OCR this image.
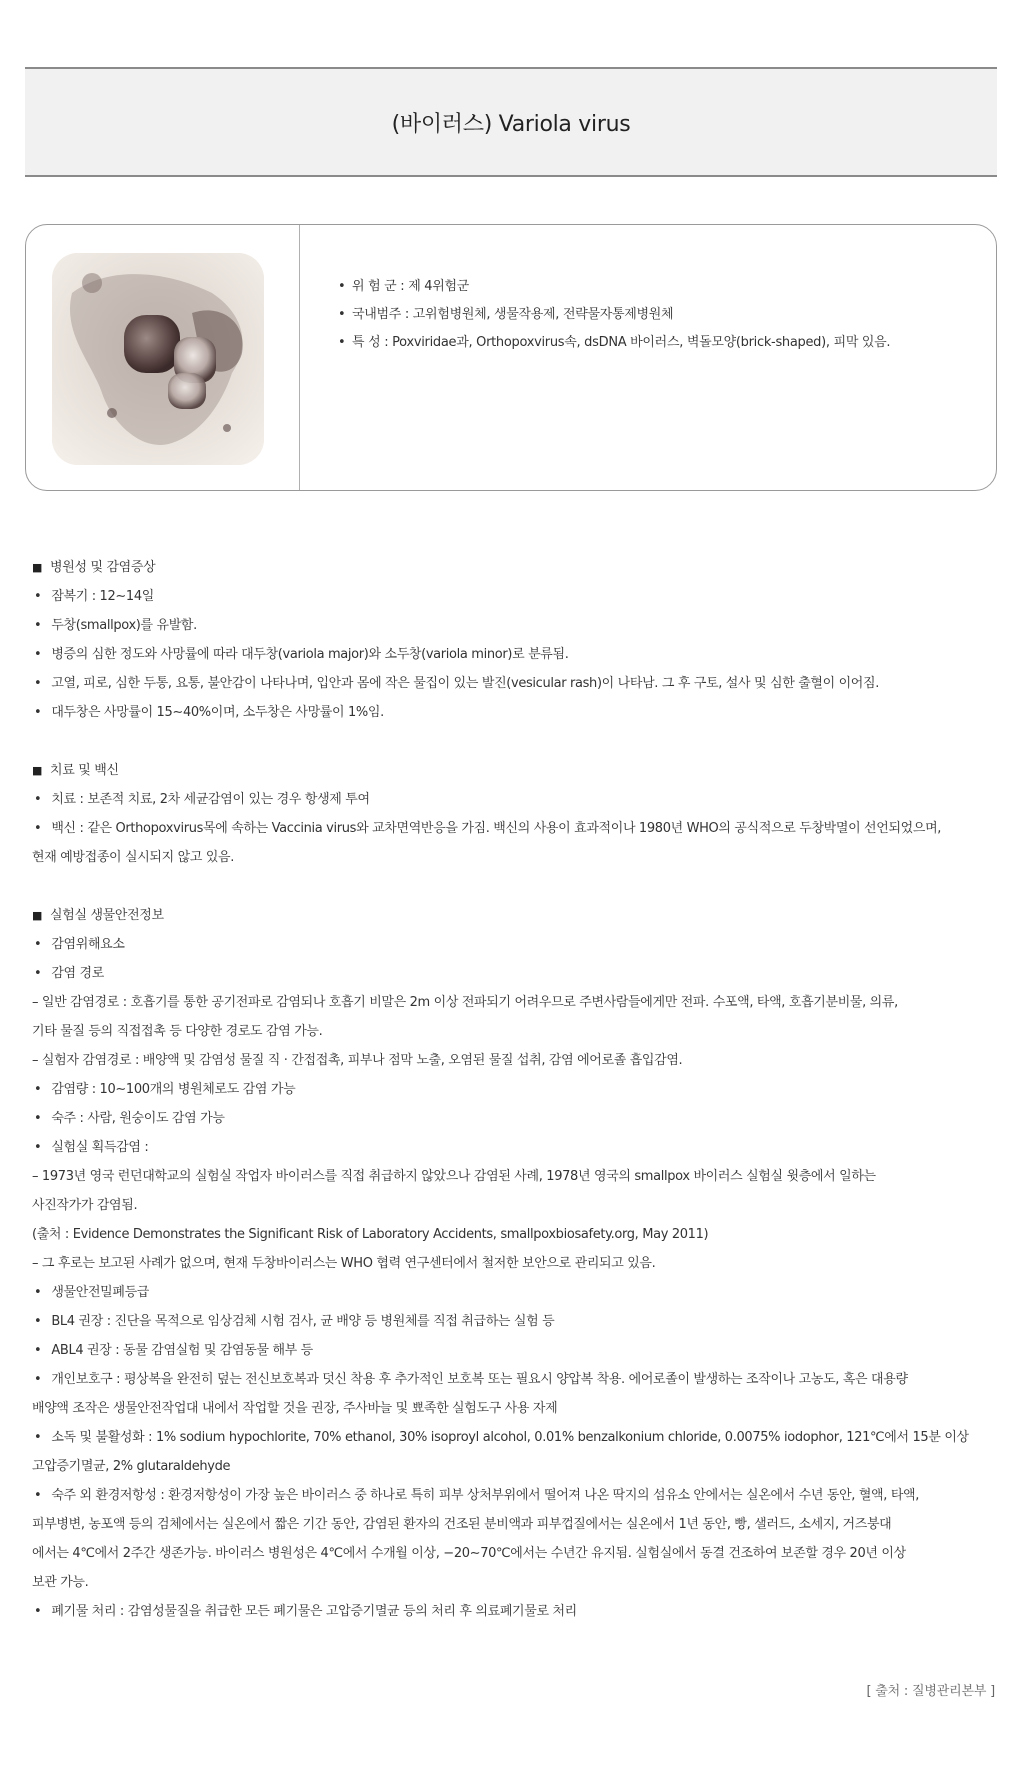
(바이러스) Variola virus
• 위 험 군 : 제 4위험군
• 국내범주 : 고위험병원체, 생물작용제, 전략물자통제병원체
• 특 성 : Poxviridae과, Orthopoxvirus속, dsDNA 바이러스, 벽돌모양(brick-shaped), 피막 있음.

■ 병원성 및 감염증상

• 잠복기 : 12∼14일

• 두창(smallpox)를 유발함.

• 병증의 심한 정도와 사망률에 따라 대두창(variola major)와 소두창(variola minor)로 분류됨.

• 고열, 피로, 심한 두통, 요통, 불안감이 나타나며, 입안과 몸에 작은 물집이 있는 발진(vesicular rash)이 나타남. 그 후 구토, 설사 및 심한 출혈이 이어짐.

• 대두창은 사망률이 15∼40%이며, 소두창은 사망률이 1%임.

■ 치료 및 백신

• 치료 : 보존적 치료, 2차 세균감염이 있는 경우 항생제 투여

• 백신 : 같은 Orthopoxvirus목에 속하는 Vaccinia virus와 교차면역반응을 가짐. 백신의 사용이 효과적이나 1980년 WHO의 공식적으로 두창박멸이 선언되었으며,

현재 예방접종이 실시되지 않고 있음.

■ 실험실 생물안전정보

• 감염위해요소

• 감염 경로

– 일반 감염경로 : 호흡기를 통한 공기전파로 감염되나 호흡기 비말은 2m 이상 전파되기 어려우므로 주변사람들에게만 전파. 수포액, 타액, 호흡기분비물, 의류,

기타 물질 등의 직접접촉 등 다양한 경로도 감염 가능.

– 실험자 감염경로 : 배양액 및 감염성 물질 직 · 간접접촉, 피부나 점막 노출, 오염된 물질 섭취, 감염 에어로졸 흡입감염.

• 감염량 : 10∼100개의 병원체로도 감염 가능

• 숙주 : 사람, 원숭이도 감염 가능

• 실험실 획득감염 :

– 1973년 영국 런던대학교의 실험실 작업자 바이러스를 직접 취급하지 않았으나 감염된 사례, 1978년 영국의 smallpox 바이러스 실험실 윗층에서 일하는

사진작가가 감염됨.

(출처 : Evidence Demonstrates the Significant Risk of Laboratory Accidents, smallpoxbiosafety.org, May 2011)

– 그 후로는 보고된 사례가 없으며, 현재 두창바이러스는 WHO 협력 연구센터에서 철저한 보안으로 관리되고 있음.

• 생물안전밀폐등급

• BL4 권장 : 진단을 목적으로 임상검체 시험 검사, 균 배양 등 병원체를 직접 취급하는 실험 등

• ABL4 권장 : 동물 감염실험 및 감염동물 해부 등

• 개인보호구 : 평상복을 완전히 덮는 전신보호복과 덧신 착용 후 추가적인 보호복 또는 필요시 양압복 착용. 에어로졸이 발생하는 조작이나 고농도, 혹은 대용량

배양액 조작은 생물안전작업대 내에서 작업할 것을 권장, 주사바늘 및 뾰족한 실험도구 사용 자제

• 소독 및 불활성화 : 1% sodium hypochlorite, 70% ethanol, 30% isoproyl alcohol, 0.01% benzalkonium chloride, 0.0075% iodophor, 121℃에서 15분 이상

고압증기멸균, 2% glutaraldehyde

• 숙주 외 환경저항성 : 환경저항성이 가장 높은 바이러스 중 하나로 특히 피부 상처부위에서 떨어져 나온 딱지의 섬유소 안에서는 실온에서 수년 동안, 혈액, 타액,

피부병변, 농포액 등의 검체에서는 실온에서 짧은 기간 동안, 감염된 환자의 건조된 분비액과 피부껍질에서는 실온에서 1년 동안, 빵, 샐러드, 소세지, 거즈붕대

에서는 4℃에서 2주간 생존가능. 바이러스 병원성은 4℃에서 수개월 이상, −20∼70℃에서는 수년간 유지됨. 실험실에서 동결 건조하여 보존할 경우 20년 이상

보관 가능.

• 폐기물 처리 : 감염성물질을 취급한 모든 폐기물은 고압증기멸균 등의 처리 후 의료폐기물로 처리

[ 출처 : 질병관리본부 ]
